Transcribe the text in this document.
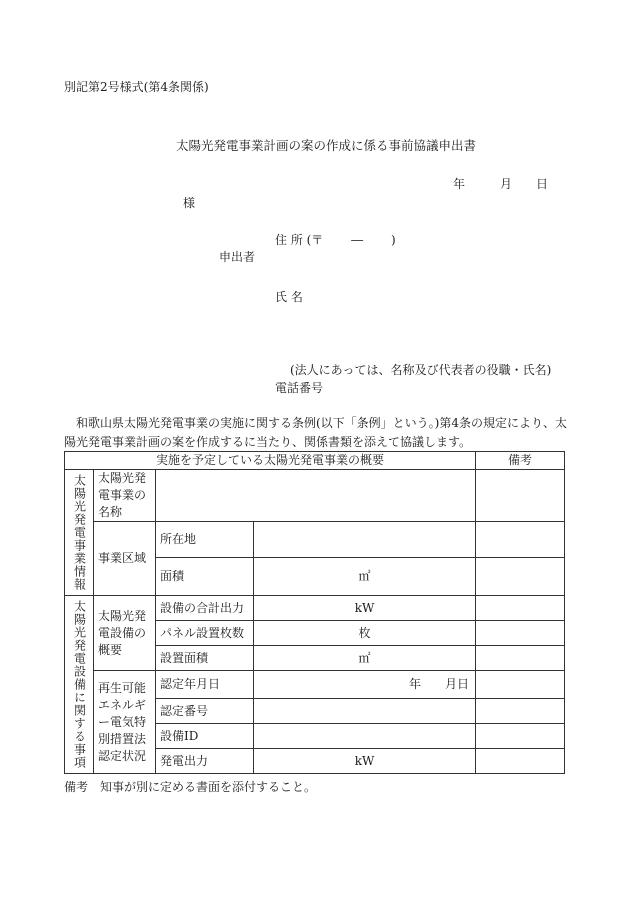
別記第2号様式(第4条関係)
太陽光発電事業計画の案の作成に係る事前協議申出書
年	月 日
様
住 所 (〒　　 ―　　 )
申出者
氏 名
(法人にあっては、名称及び代表者の役職・氏名)
電話番号
和歌山県太陽光発電事業の実施に関する条例(以下「条例」という。)第4条の規定により、太陽光発電事業計画の案を作成するに当たり、関係書類を添えて協議します。
実施を予定している太陽光発電事業の概要				備考
太陽光発電事業情報	太陽光発電事業の名称			
	事業区域	所在地		
		面積	㎡	
太陽光発電設備に関する事項	太陽光発電設備の概要	設備の合計出力	kW	
		パネル設置枚数	枚	
		設置面積	㎡	
	再生可能エネルギー電気特別措置法認定状況	認定年月日	年 月日	
		認定番号		
		設備ID		
		発電出力	kW	
備考　知事が別に定める書面を添付すること。
